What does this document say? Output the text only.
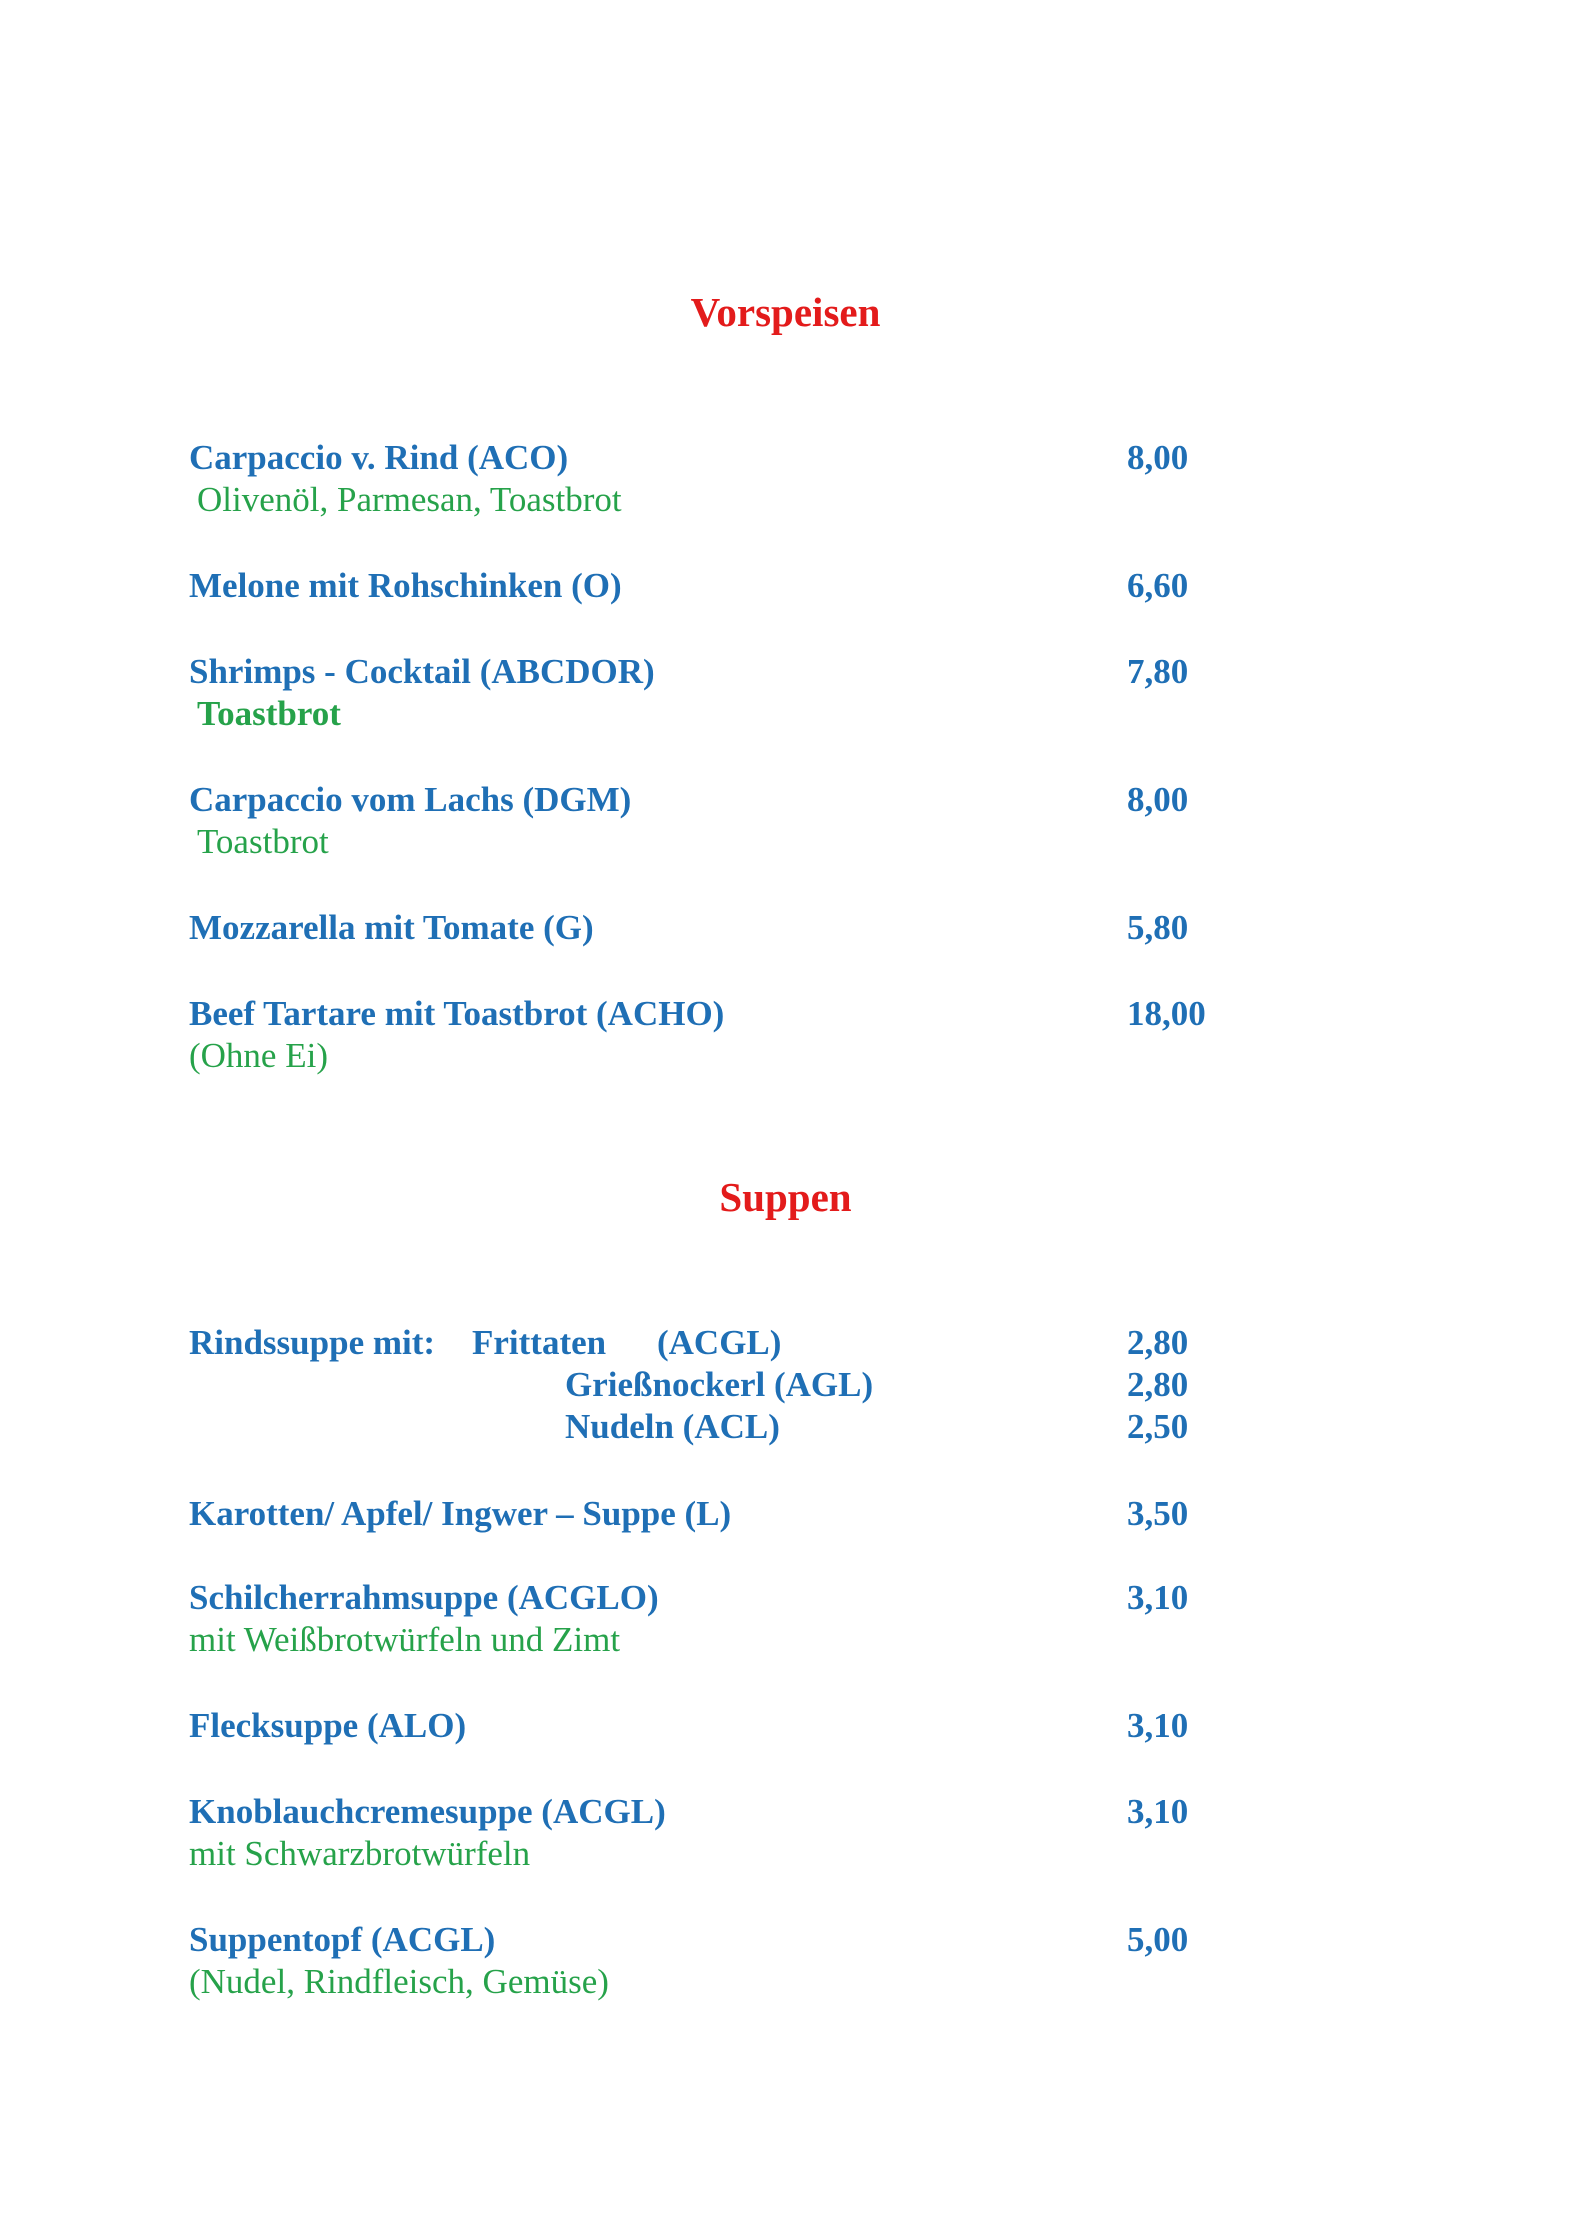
Vorspeisen
Carpaccio v. Rind (ACO)	8,00
Olivenöl, Parmesan, Toastbrot
Melone mit Rohschinken (O)	6,60
Shrimps - Cocktail (ABCDOR)	7,80
Toastbrot
Carpaccio vom Lachs (DGM)	8,00
Toastbrot
Mozzarella mit Tomate (G)	5,80
Beef Tartare mit Toastbrot (ACHO)	18,00
(Ohne Ei)
Suppen
Rindssuppe mit: Frittaten (ACGL)	2,80
Grießnockerl (AGL)	2,80
Nudeln (ACL)	2,50
Karotten/ Apfel/ Ingwer – Suppe (L)	3,50
Schilcherrahmsuppe (ACGLO)	3,10
mit Weißbrotwürfeln und Zimt
Flecksuppe (ALO)	3,10
Knoblauchcremesuppe (ACGL)	3,10
mit Schwarzbrotwürfeln
Suppentopf (ACGL)	5,00
(Nudel, Rindfleisch, Gemüse)
